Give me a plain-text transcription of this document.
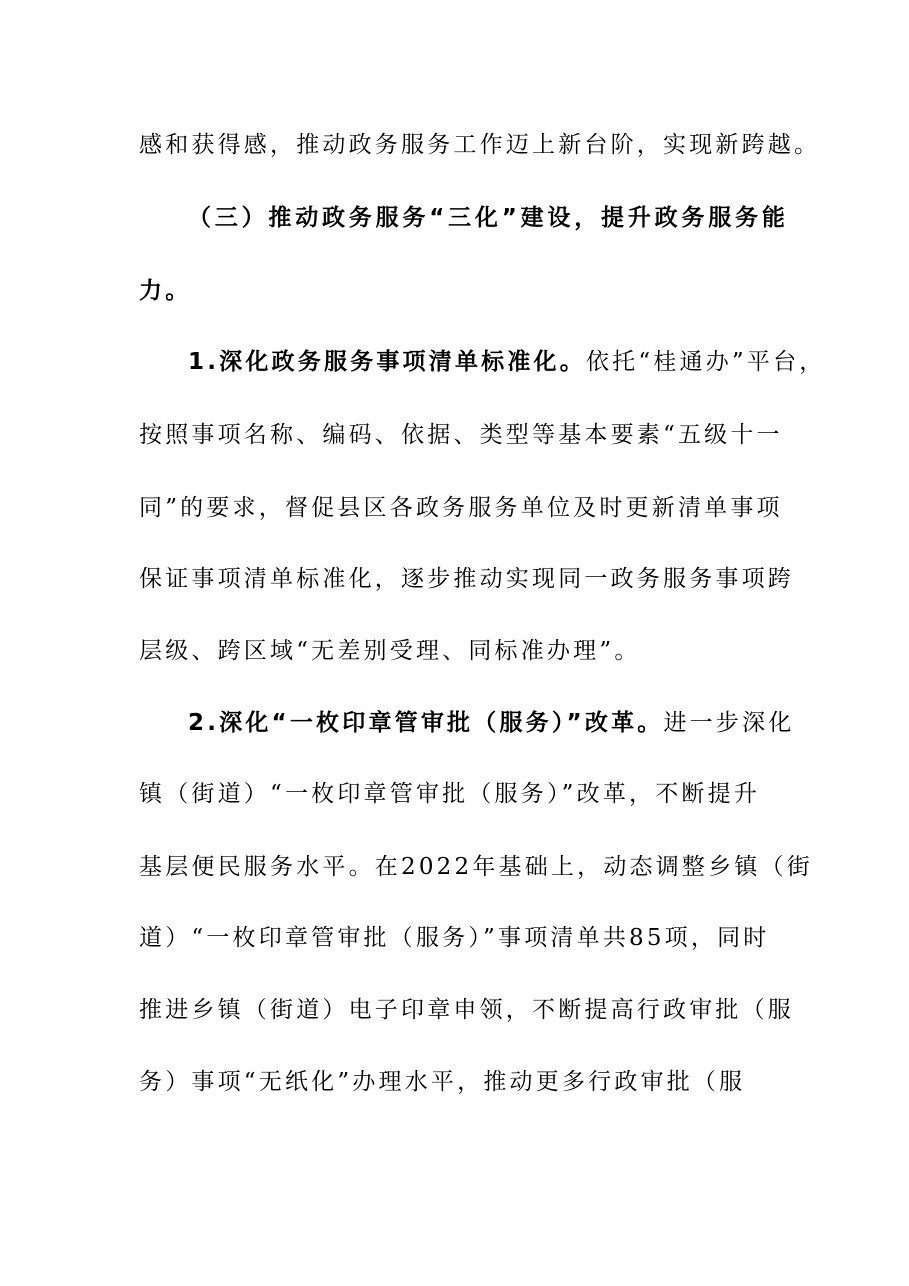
感和获得感，推动政务服务工作迈上新台阶，实现新跨越。
（三）推动政务服务“三化”建设，提升政务服务能
力。
1.深化政务服务事项清单标准化。依托“桂通办”平台，
按照事项名称、编码、依据、类型等基本要素“五级十一
同”的要求，督促县区各政务服务单位及时更新清单事项
保证事项清单标准化，逐步推动实现同一政务服务事项跨
层级、跨区域“无差别受理、同标准办理”。
2.深化“一枚印章管审批（服务）”改革。进一步深化
镇（街道）“一枚印章管审批（服务）”改革，不断提升
基层便民服务水平。在2022年基础上，动态调整乡镇（街
道）“一枚印章管审批（服务）”事项清单共85项，同时
推进乡镇（街道）电子印章申领，不断提高行政审批（服
务）事项“无纸化”办理水平，推动更多行政审批（服
